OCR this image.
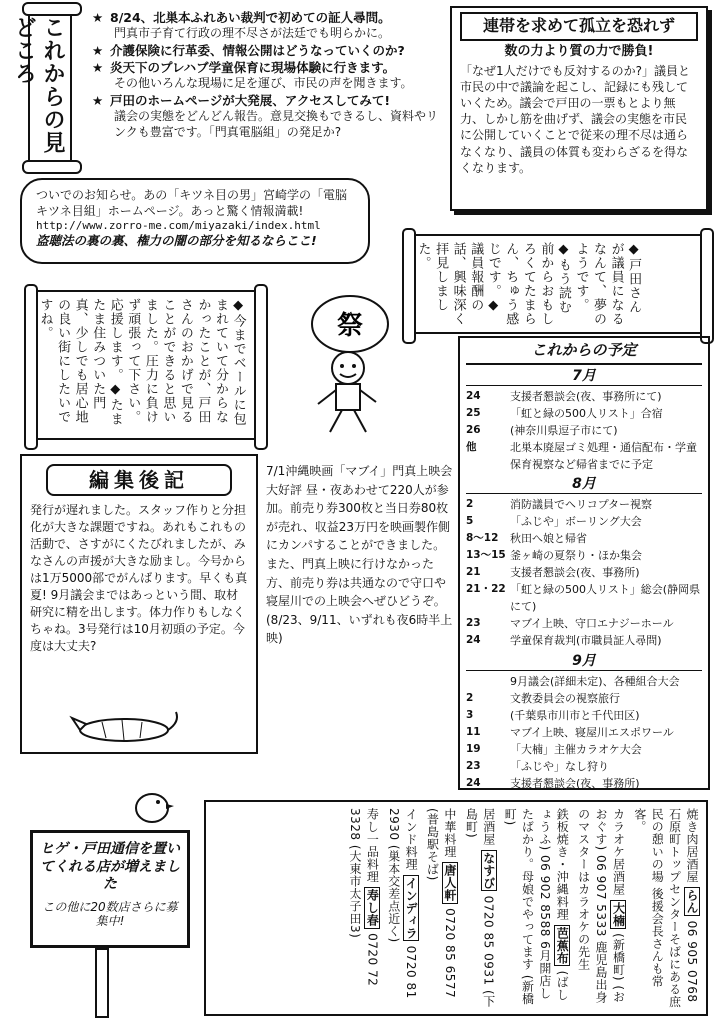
これからの見どころ	★ 8/24、北巣本ふれあい裁判で初めての証人尋問。
門真市子育て行政の理不尽さが法廷でも明らかに。
★ 介護保険に行革委、情報公開はどうなっていくのか?
★ 炎天下のプレハブ学童保育に現場体験に行きます。
その他いろんな現場に足を運び、市民の声を聞きます。
★ 戸田のホームページが大発展、アクセスしてみて!
議会の実態をどんどん報告。意見交換もできるし、資料やリンクも豊富です。「門真電脳組」の発足か?
連帯を求めて孤立を恐れず
数の力より質の力で勝負!
「なぜ1人だけでも反対するのか?」議員と市民の中で議論を起こし、記録にも残していくため。議会で戸田の一票もとより無力、しかし筋を曲げず、議会の実態を市民に公開していくことで従来の理不尽は通らなくなり、議員の体質も変わらざるを得なくなります。
ついでのお知らせ。あの「キツネ目の男」宮崎学の「電脳キツネ目組」ホームページ。あっと驚く情報満載!
http://www.zorro-me.com/miyazaki/index.html
盗聴法の裏の裏、権力の闇の部分を知るならここ!
◆戸田さんが議員になるなんて、夢のようです。◆もう読む前からおもしろくてたまらん、ちゅう感じです。◆議員報酬の話、興味深く拝見しました。
◆今までベールに包まれていて分からなかったことが、戸田さんのおかげで見ることができると思いました。圧力に負けず頑張って下さい。応援します。◆たまたま住みついた門真、少しでも居心地の良い街にしたいですね。	祭
これからの予定
7月
24	支援者懇談会(夜、事務所にて)
25	「虹と緑の500人リスト」合宿
26	(神奈川県逗子市にて)
他	北巣本廃屋ゴミ処理・通信配布・学童保育視察など帰省までに予定
8月
2	消防議員でヘリコプター視察
5	「ふじや」ボーリング大会
8〜12	秋田へ娘と帰省
13〜15 釜ヶ崎の夏祭り・ほか集会
21	支援者懇談会(夜、事務所)
21・22 「虹と緑の500人リスト」総会(静岡県にて)
23	マブイ上映、守口エナジーホール
24	学童保育裁判(市職員証人尋問)
9月
9月議会(詳細未定)、各種組合大会
2	文教委員会の視察旅行
3	(千葉県市川市と千代田区)
11	マブイ上映、寝屋川エスポワール
19	「大楠」主催カラオケ大会
23	「ふじや」なし狩り
24	支援者懇談会(夜、事務所)
編集後記
発行が遅れました。スタッフ作りと分担化が大きな課題ですね。あれもこれもの活動で、さすがにくたびれましたが、みなさんの声援が大きな励まし。今号からは1万5000部でがんばります。早くも真夏! 9月議会まではあっという間、取材研究に精を出します。体力作りもしなくちゃね。3号発行は10月初頭の予定。今度は大丈夫?
7/1沖縄映画「マブイ」門真上映会大好評 昼・夜あわせて220人が参加。前売り券300枚と当日券80枚が売れ、収益23万円を映画製作側にカンパすることができました。また、門真上映に行けなかった方、前売り券は共通なので守口や寝屋川での上映会へぜひどうぞ。(8/23、9/11、いずれも夜6時半上映)
ヒゲ・戸田通信を置いてくれる店が増えました
この他に20数店さらに募集中!
焼き肉居酒屋 らん 06 905 0768 石原町トップセンターそばにある庶民の憩いの場 後援会長さんも常客。
カラオケ居酒屋 大楠 (新橋町) (おおぐす) 06 907 5333 鹿児島出身のマスターはカラオケの先生
鉄板焼き・沖縄料理 芭蕉布 (ばしょうふ) 06 902 8588 6月開店したばかり。母娘でやってます (新橋町)
居酒屋 なすび 0720 85 0931 (下島町)
中華料理 唐人軒 0720 85 6577 (普島駅そば)
インド料理 インディラ 0720 81 2930 (巣本交差点近く)
寿し一品料理 寿し春 0720 72 3328 (大東市太子田3)
